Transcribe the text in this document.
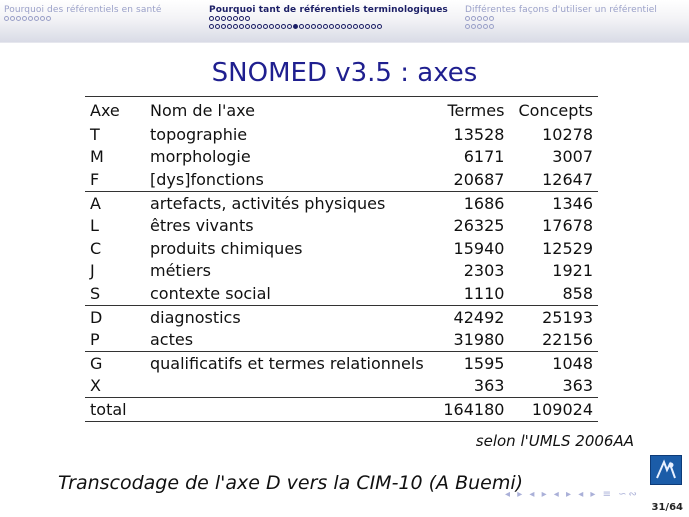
Pourquoi des référentiels en santé	Pourquoi tant de référentiels terminologiques Différentes façons d'utiliser un référentiel
SNOMED v3.5 : axes
Axe	Nom de l'axe	Termes	Concepts
T	topographie	13528	10278
M	morphologie	6171	3007
F	[dys]fonctions	20687	12647
A	artefacts, activités physiques	1686	1346
L	êtres vivants	26325	17678
C	produits chimiques	15940	12529
J	métiers	2303	1921
S	contexte social	1110	858
D	diagnostics	42492	25193
P	actes	31980	22156
G	qualificatifs et termes relationnels	1595	1048
X		363	363
total		164180	109024
selon l'UMLS 2006AA
Transcodage de l'axe D vers la CIM-10 (A Buemi)
◂ ▸ ◂ ▸ ◂ ▸ ◂ ▸ ≡ ∽∾
31/64
